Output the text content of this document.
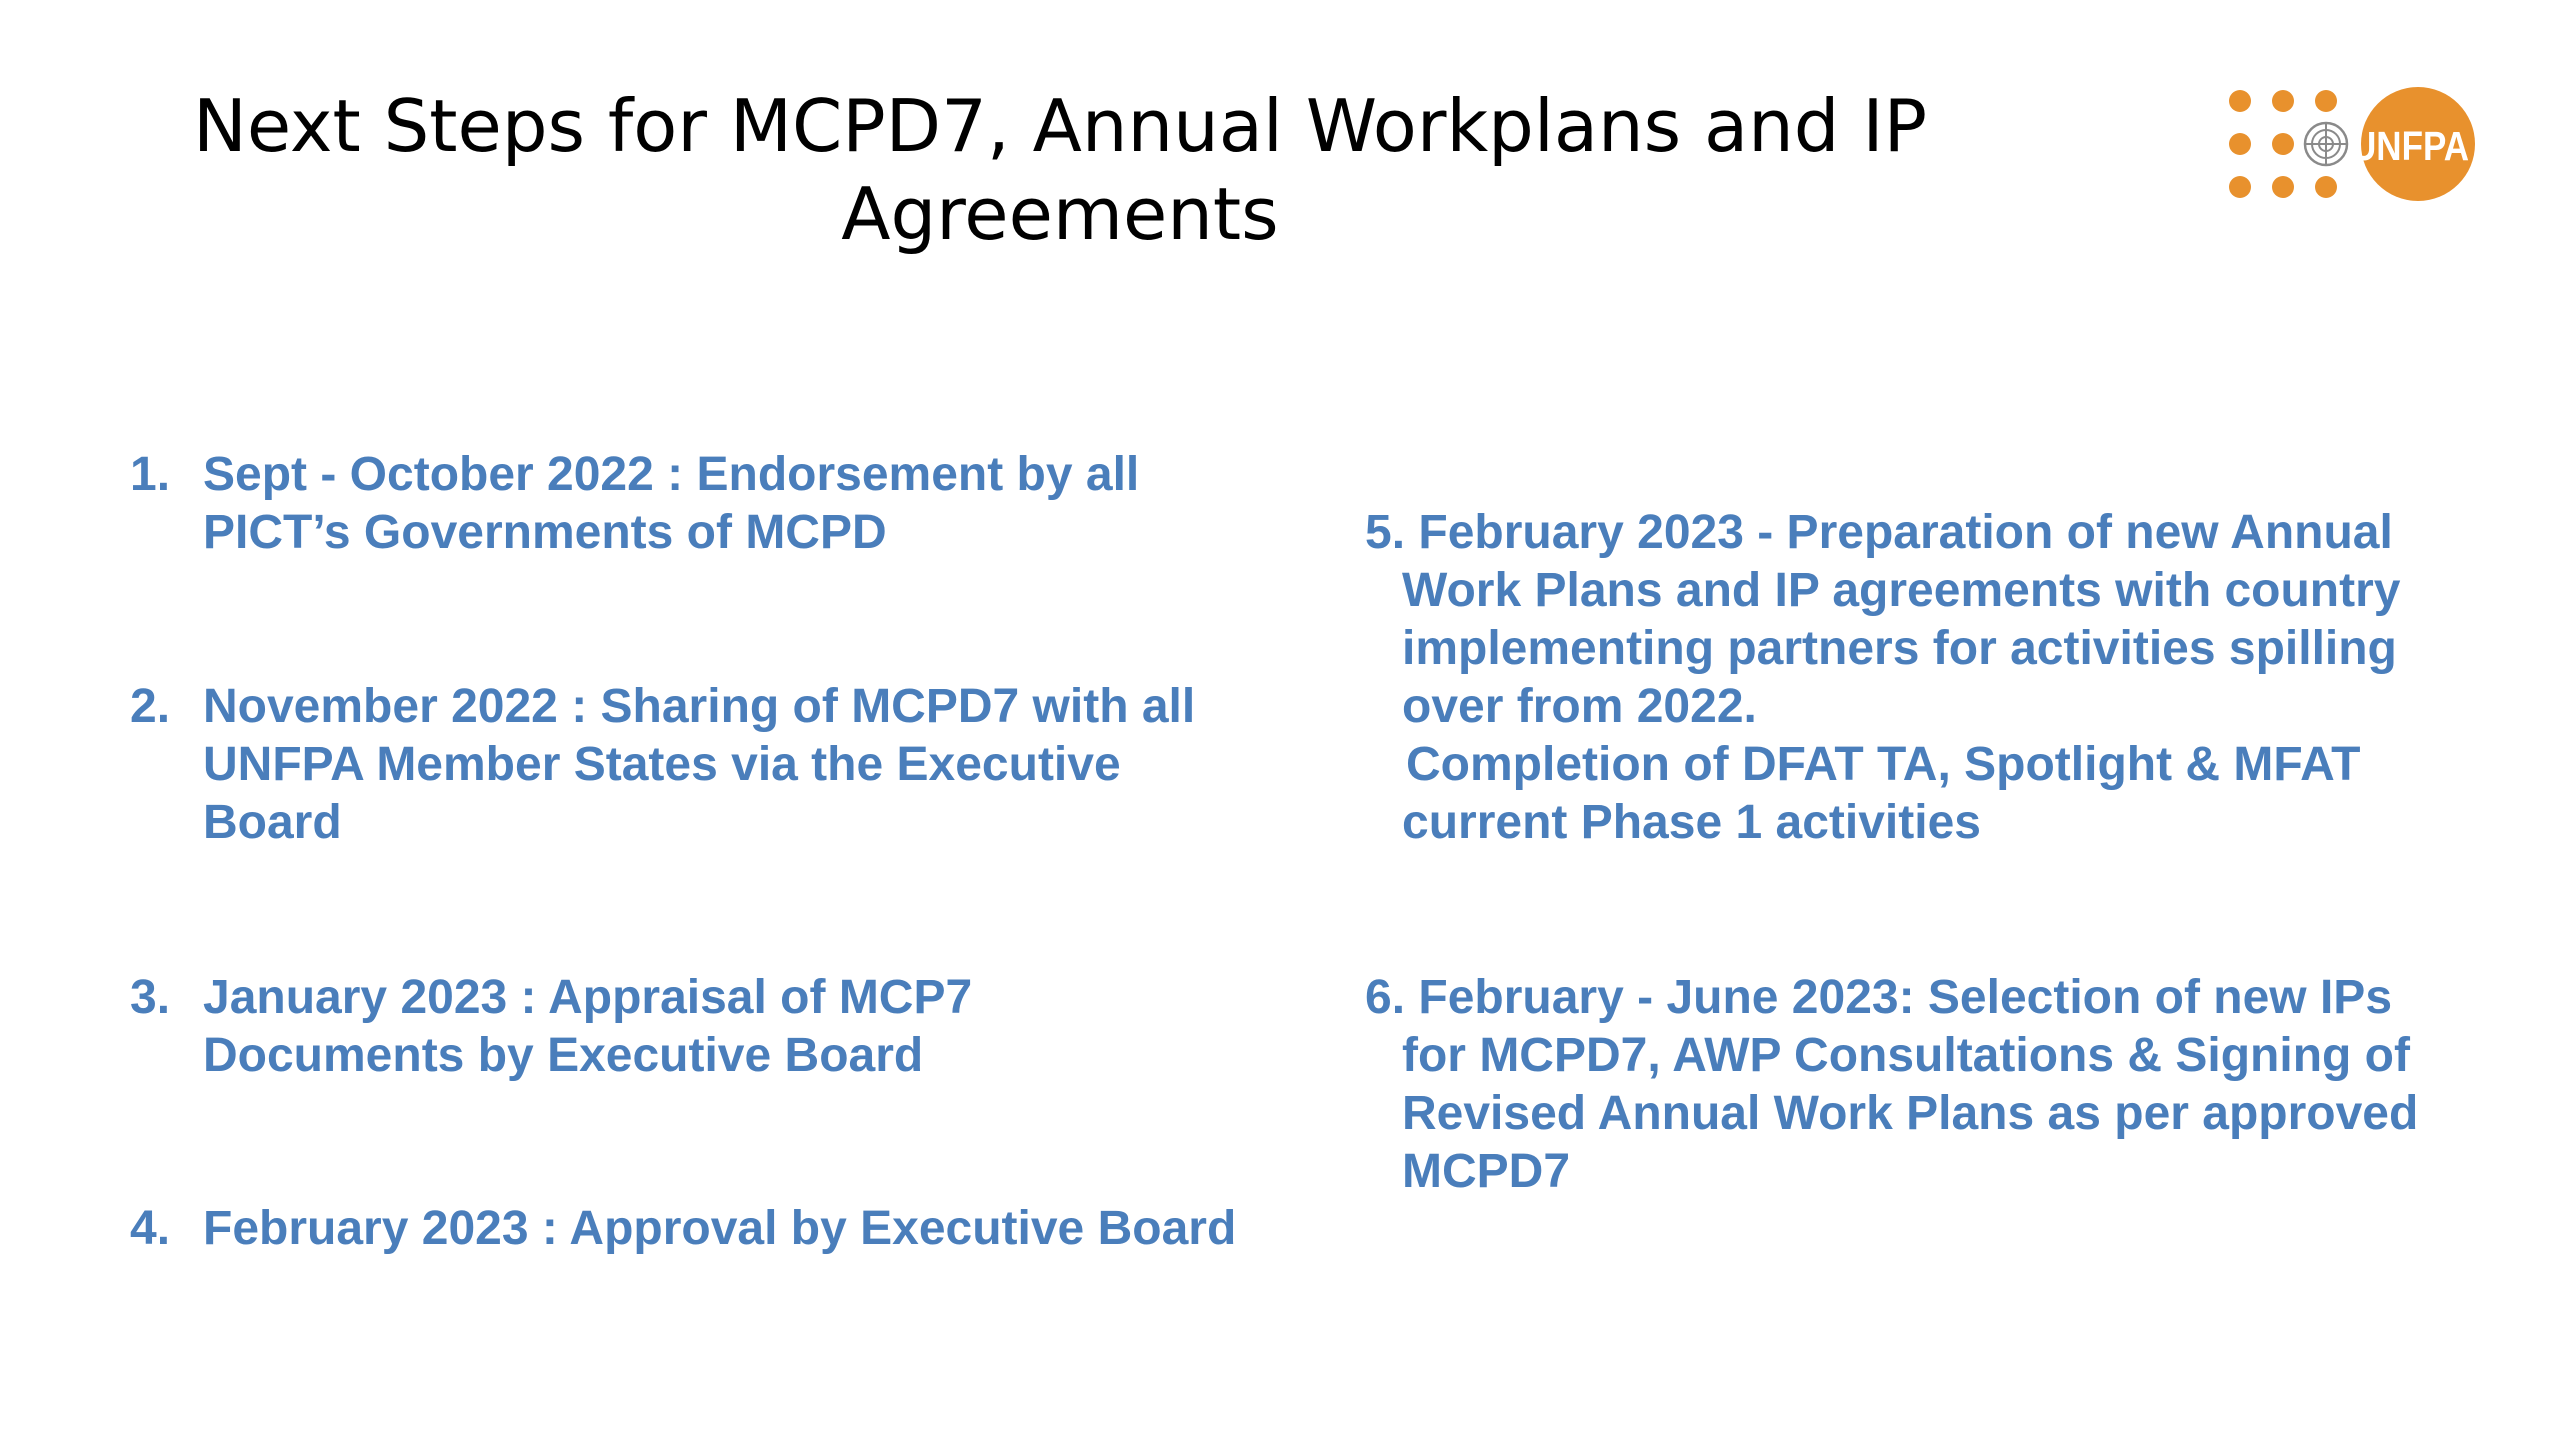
Next Steps for MCPD7, Annual Workplans and IP
Agreements
UNFPA
1. Sept - October 2022 : Endorsement by all
PICT’s Governments of MCPD
2. November 2022 : Sharing of MCPD7 with all
UNFPA Member States via the Executive
Board
3. January 2023 : Appraisal of MCP7
Documents by Executive Board
4. February 2023 : Approval by Executive Board
5. February 2023 - Preparation of new Annual
Work Plans and IP agreements with country
implementing partners for activities spilling
over from 2022.
Completion of DFAT TA, Spotlight & MFAT
current Phase 1 activities
6. February - June 2023: Selection of new IPs
for MCPD7, AWP Consultations & Signing of
Revised Annual Work Plans as per approved
MCPD7
